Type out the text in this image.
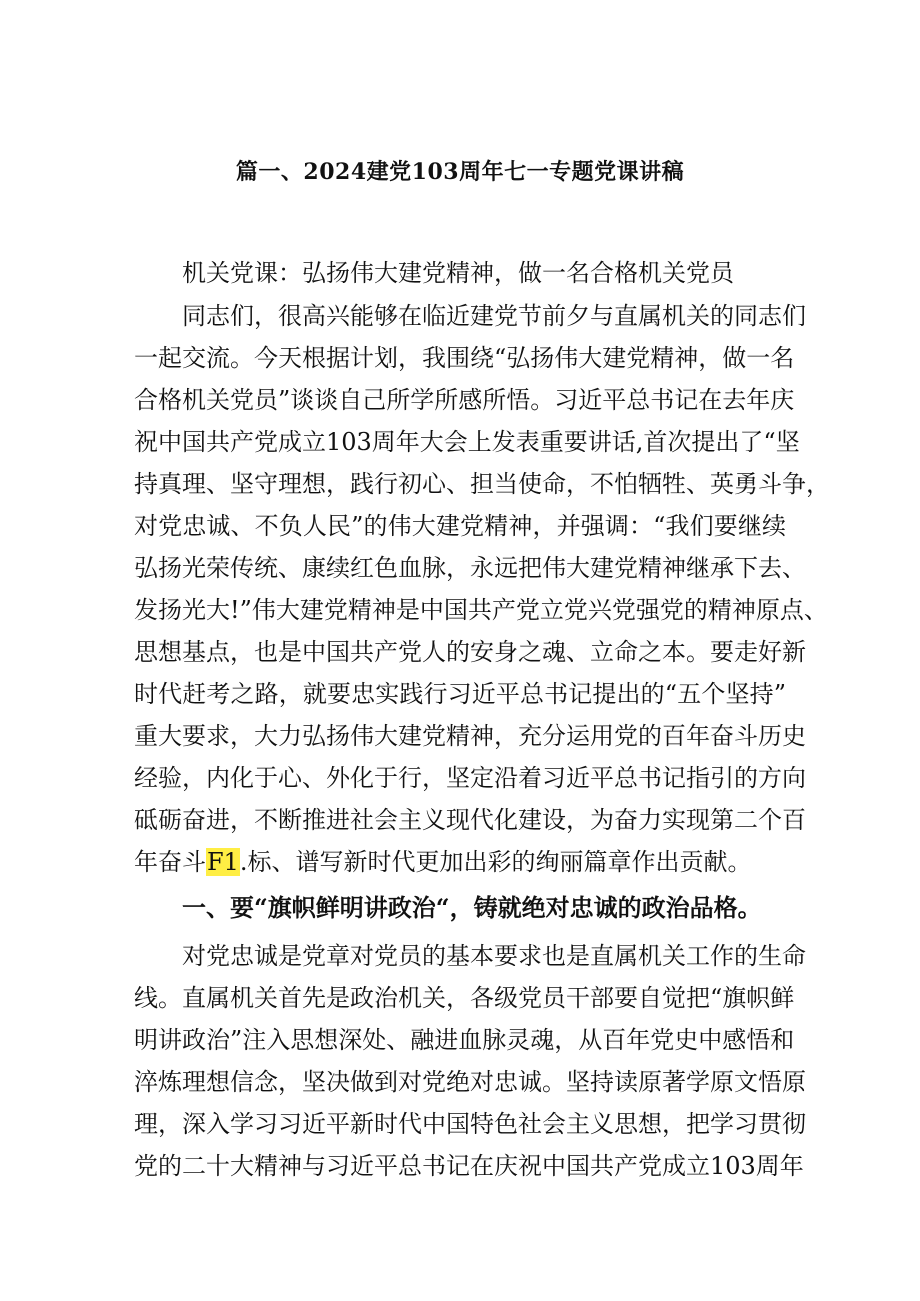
篇一、2024建党103周年七一专题党课讲稿
机关党课：弘扬伟大建党精神，做一名合格机关党员
同志们，很高兴能够在临近建党节前夕与直属机关的同志们
一起交流。今天根据计划，我围绕“弘扬伟大建党精神，做一名
合格机关党员”谈谈自己所学所感所悟。习近平总书记在去年庆
祝中国共产党成立103周年大会上发表重要讲话,首次提出了“坚
持真理、坚守理想，践行初心、担当使命，不怕牺牲、英勇斗争，
对党忠诚、不负人民”的伟大建党精神，并强调：“我们要继续
弘扬光荣传统、康续红色血脉，永远把伟大建党精神继承下去、
发扬光大!”伟大建党精神是中国共产党立党兴党强党的精神原点、
思想基点，也是中国共产党人的安身之魂、立命之本。要走好新
时代赶考之路，就要忠实践行习近平总书记提出的“五个坚持”
重大要求，大力弘扬伟大建党精神，充分运用党的百年奋斗历史
经验，内化于心、外化于行，坚定沿着习近平总书记指引的方向
砥砺奋进，不断推进社会主义现代化建设，为奋力实现第二个百
年奋斗F1.标、谱写新时代更加出彩的绚丽篇章作出贡献。
一、要“旗帜鲜明讲政治“，铸就绝对忠诚的政治品格。
对党忠诚是党章对党员的基本要求也是直属机关工作的生命
线。直属机关首先是政治机关，各级党员干部要自觉把“旗帜鲜
明讲政治”注入思想深处、融进血脉灵魂，从百年党史中感悟和
淬炼理想信念，坚决做到对党绝对忠诚。坚持读原著学原文悟原
理，深入学习习近平新时代中国特色社会主义思想，把学习贯彻
党的二十大精神与习近平总书记在庆祝中国共产党成立103周年
